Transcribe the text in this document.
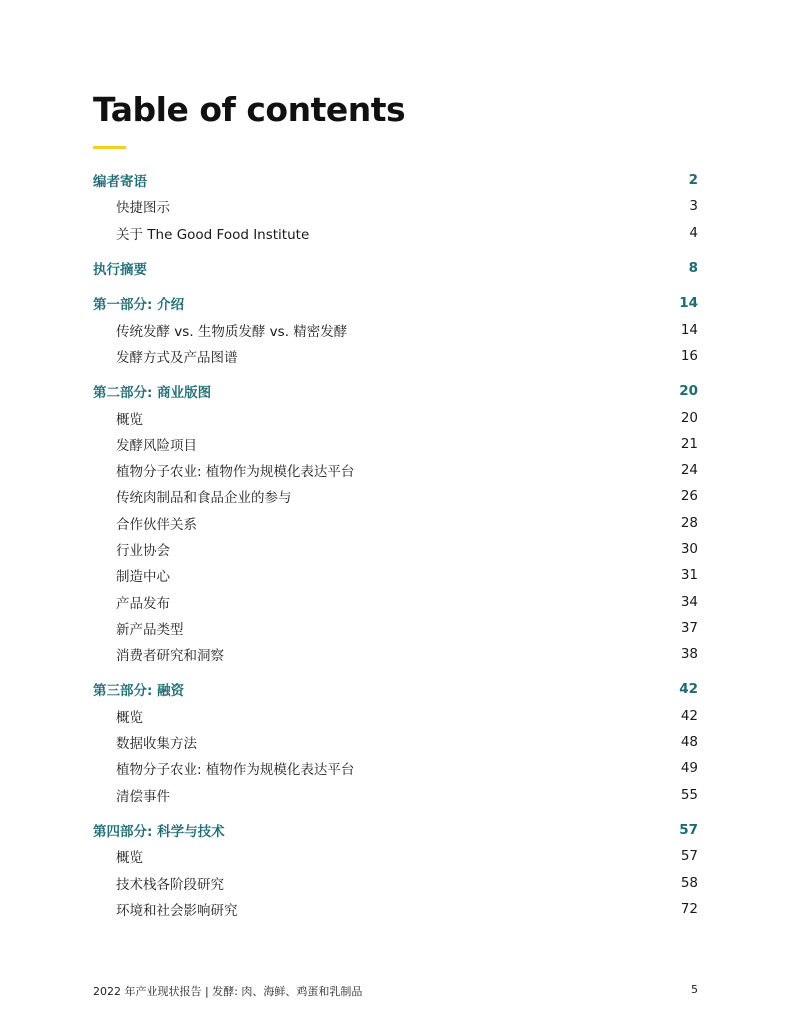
Table of contents
编者寄语	2
快捷图示	3
关于 The Good Food Institute	4
执行摘要	8
第一部分: 介绍	14
传统发酵 vs. 生物质发酵 vs. 精密发酵	14
发酵方式及产品图谱	16
第二部分: 商业版图	20
概览	20
发酵风险项目	21
植物分子农业: 植物作为规模化表达平台	24
传统肉制品和食品企业的参与	26
合作伙伴关系	28
行业协会	30
制造中心	31
产品发布	34
新产品类型	37
消费者研究和洞察	38
第三部分: 融资	42
概览	42
数据收集方法	48
植物分子农业: 植物作为规模化表达平台	49
清偿事件	55
第四部分: 科学与技术	57
概览	57
技术栈各阶段研究	58
环境和社会影响研究	72
2022 年产业现状报告 | 发酵: 肉、海鲜、鸡蛋和乳制品	5
